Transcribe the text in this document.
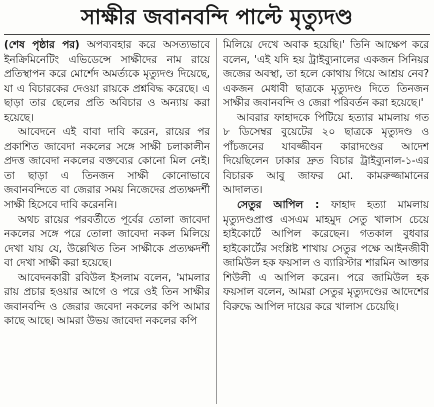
সাক্ষীর জবানবন্দি পাল্টে মৃত্যুদণ্ড

(শেষ পৃষ্ঠার পর) অপব্যবহার করে অসত্যভাবে ইনক্রিমিনেটিং এভিডেন্সে সাক্ষীদের নাম রায়ে প্রতিস্থাপন করে মোর্শেদ অমর্ত্যকে মৃত্যুদণ্ড দিয়েছে, যা এ বিচারকের দেওয়া রায়কে প্রশ্নবিদ্ধ করেছে। এ ছাড়া তার ছেলের প্রতি অবিচার ও অন্যায় করা হয়েছে।

আবেদনে এই বাবা দাবি করেন, রায়ের পর প্রকাশিত জাবেদা নকলের সঙ্গে সাক্ষী চলাকালীন প্রদত্ত জাবেদা নকলের বক্তব্যের কোনো মিল নেই। তা ছাড়া এ তিনজন সাক্ষী কোনোভাবে জবানবন্দিতে বা জেরার সময় নিজেদের প্রত্যক্ষদর্শী সাক্ষী হিসেবে দাবি করেননি।

অথচ রায়ের পরবর্তীতে পূর্বের তোলা জাবেদা নকলের সঙ্গে পরে তোলা জাবেদা নকল মিলিয়ে দেখা যায় যে, উল্লেখিত তিন সাক্ষীকে প্রত্যক্ষদর্শী বা দেখা সাক্ষী করা হয়েছে।

আবেদনকারী রবিউল ইসলাম বলেন, 'মামলার রায় প্রচার হওয়ার আগে ও পরে ওই তিন সাক্ষীর জবানবন্দি ও জেরার জবেদা নকলের কপি আমার কাছে আছে। আমরা উভয় জাবেদা নকলের কপি

মিলিয়ে দেখে অবাক হয়েছি।' তিনি আক্ষেপ করে বলেন, 'এই যদি হয় ট্রাইব্যুনালের একজন সিনিয়র জজের অবস্থা, তা হলে কোথায় গিয়ে আশ্রয় নেব? একজন মেধাবী ছাত্রকে মৃত্যুদণ্ড দিতে তিনজন সাক্ষীর জবানবন্দি ও জেরা পরিবর্তন করা হয়েছে।'

আবরার ফাহাদকে পিটিয়ে হত্যার মামলায় গত ৮ ডিসেম্বর বুয়েটের ২০ ছাত্রকে মৃত্যুদণ্ড ও পাঁচজনের যাবজ্জীবন কারাদণ্ডের আদেশ দিয়েছিলেন ঢাকার দ্রুত বিচার ট্রাইব্যুনাল-১-এর বিচারক আবু জাফর মো. কামরুজ্জামানের আদালত।

সেতুর আপিল : ফাহাদ হত্যা মামলায় মৃত্যুদণ্ডপ্রাপ্ত এসএম মাহমুদ সেতু খালাস চেয়ে হাইকোর্টে আপিল করেছেন। গতকাল বুধবার হাইকোর্টের সংশ্লিষ্ট শাখায় সেতুর পক্ষে আইনজীবী জামিউল হক ফয়সাল ও ব্যারিস্টার শারমিন আক্তার শিউলী এ আপিল করেন। পরে জামিউল হক ফয়সাল বলেন, আমরা সেতুর মৃত্যুদণ্ডের আদেশের বিরুদ্ধে আপিল দায়ের করে খালাস চেয়েছি।
